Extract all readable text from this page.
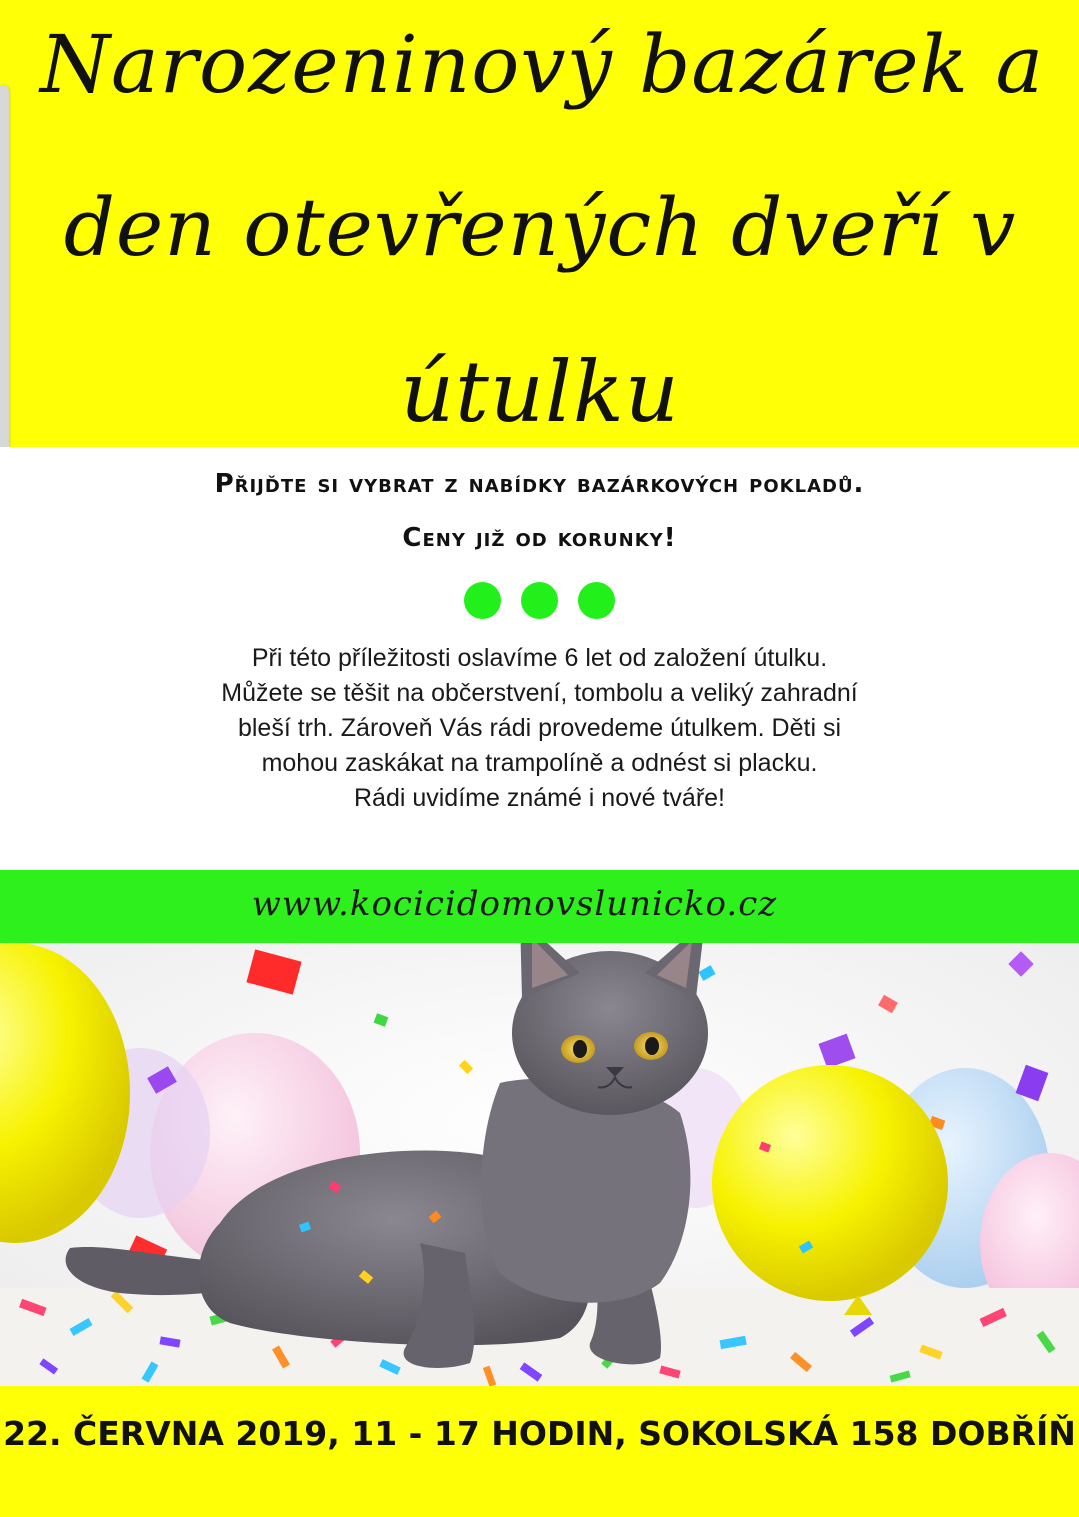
Narozeninový bazárek a
den otevřených dveří v
útulku

Přijďte si vybrat z nabídky bazárkových pokladů.

Ceny již od korunky!

Při této příležitosti oslavíme 6 let od založení útulku.
Můžete se těšit na občerstvení, tombolu a veliký zahradní
bleší trh. Zároveň Vás rádi provedeme útulkem. Děti si
mohou zaskákat na trampolíně a odnést si placku.
Rádi uvidíme známé i nové tváře!
www.kocicidomovslunicko.cz
22. ČERVNA 2019, 11 - 17 HODIN, SOKOLSKÁ 158 DOBŘÍŇ
